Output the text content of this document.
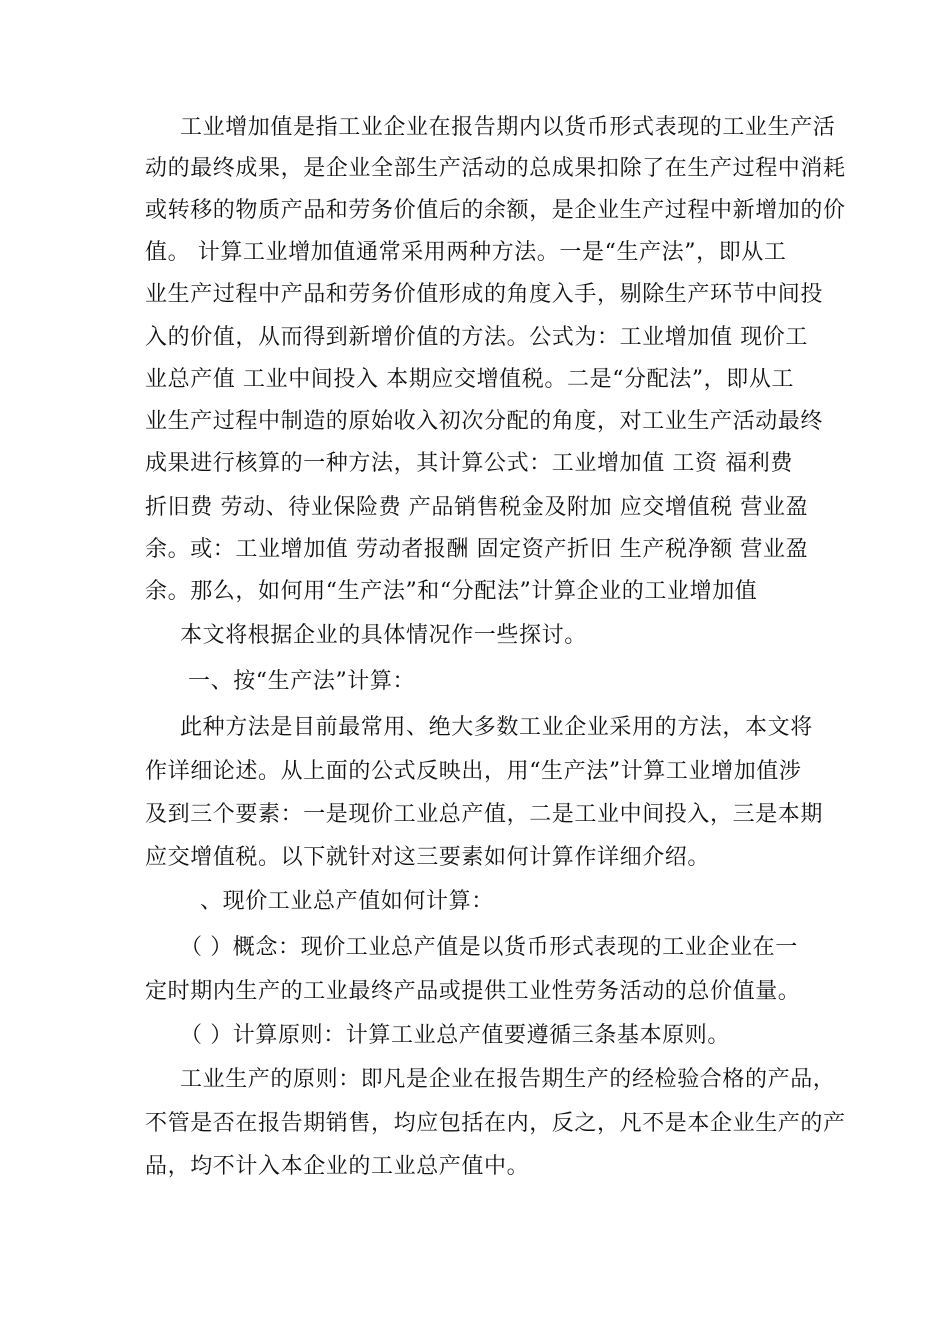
工业增加值是指工业企业在报告期内以货币形式表现的工业生产活
动的最终成果，是企业全部生产活动的总成果扣除了在生产过程中消耗
或转移的物质产品和劳务价值后的余额，是企业生产过程中新增加的价
值。 计算工业增加值通常采用两种方法。一是“生产法”，即从工
业生产过程中产品和劳务价值形成的角度入手，剔除生产环节中间投
入的价值，从而得到新增价值的方法。公式为：工业增加值 现价工
业总产值 工业中间投入 本期应交增值税。二是“分配法”，即从工
业生产过程中制造的原始收入初次分配的角度，对工业生产活动最终
成果进行核算的一种方法，其计算公式：工业增加值 工资 福利费
折旧费 劳动、待业保险费 产品销售税金及附加 应交增值税 营业盈
余。或：工业增加值 劳动者报酬 固定资产折旧 生产税净额 营业盈
余。那么，如何用“生产法”和“分配法”计算企业的工业增加值
本文将根据企业的具体情况作一些探讨。
一、按“生产法”计算：
此种方法是目前最常用、绝大多数工业企业采用的方法，本文将
作详细论述。从上面的公式反映出，用“生产法”计算工业增加值涉
及到三个要素：一是现价工业总产值，二是工业中间投入，三是本期
应交增值税。以下就针对这三要素如何计算作详细介绍。
、现价工业总产值如何计算：
（ ）概念：现价工业总产值是以货币形式表现的工业企业在一
定时期内生产的工业最终产品或提供工业性劳务活动的总价值量。
（ ）计算原则：计算工业总产值要遵循三条基本原则。
工业生产的原则：即凡是企业在报告期生产的经检验合格的产品，
不管是否在报告期销售，均应包括在内，反之，凡不是本企业生产的产
品，均不计入本企业的工业总产值中。
